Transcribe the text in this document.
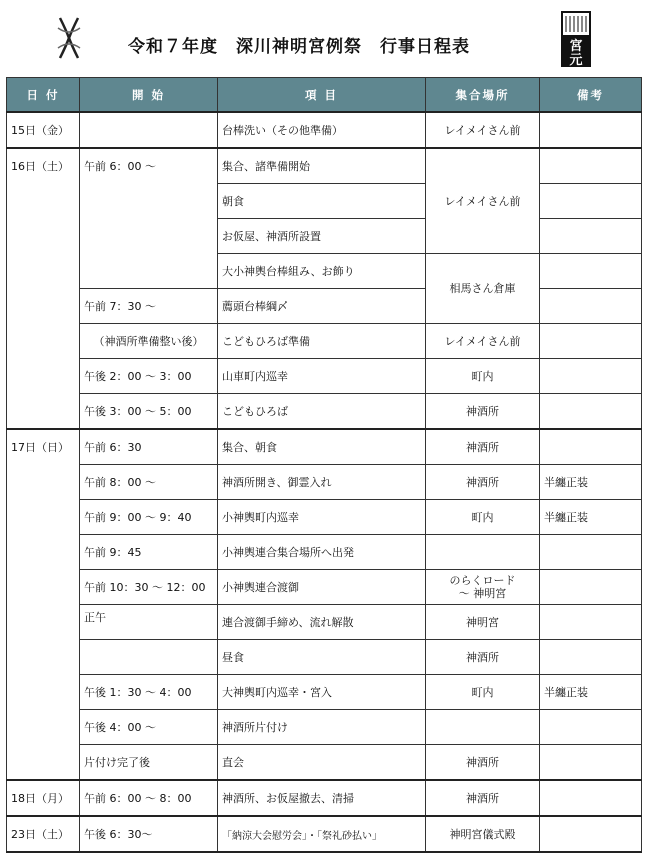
令和７年度　深川神明宮例祭　行事日程表	宮
元
日 付	開 始	項 目	集合場所	備考
15日（金）		台棒洗い（その他準備）	レイメイさん前	
16日（土）	午前 6：00 〜	集合、諸準備開始	レイメイさん前	
		朝食		
		お仮屋、神酒所設置		
		大小神輿台棒組み、お飾り	相馬さん倉庫	
	午前 7：30 〜	薦頭台棒綱〆		
	（神酒所準備整い後）	こどもひろば準備	レイメイさん前	
	午後 2：00 〜 3：00	山車町内巡幸	町内	
	午後 3：00 〜 5：00	こどもひろば	神酒所	
17日（日）	午前 6：30	集合、朝食	神酒所	
	午前 8：00 〜	神酒所開き、御霊入れ	神酒所	半纏正装
	午前 9：00 〜 9：40	小神輿町内巡幸	町内	半纏正装
	午前 9：45	小神輿連合集合場所へ出発		
	午前 10：30 〜 12：00	小神輿連合渡御	のらくロード
〜 神明宮	
	正午	連合渡御手締め、流れ解散	神明宮	
		昼食	神酒所	
	午後 1：30 〜 4：00	大神輿町内巡幸・宮入	町内	半纏正装
	午後 4：00 〜	神酒所片付け		
	片付け完了後	直会	神酒所	
18日（月）	午前 6：00 〜 8：00	神酒所、お仮屋撤去、清掃	神酒所	
23日（土）	午後 6：30〜	「納涼大会慰労会」・「祭礼砂払い」	神明宮儀式殿	
